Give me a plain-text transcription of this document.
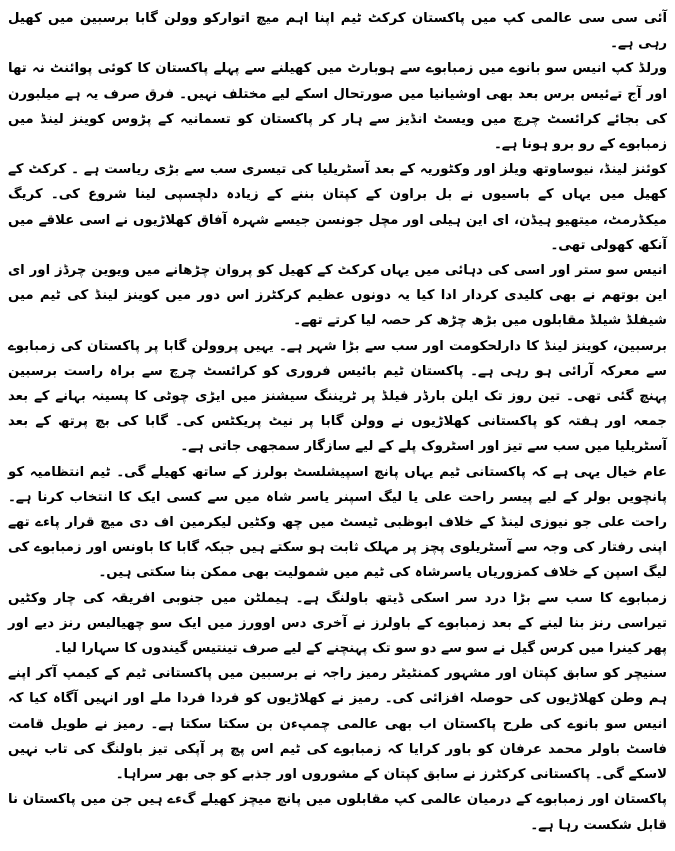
آئی سی سی عالمی کپ میں پاکستان کرکٹ ٹیم اپنا اہم میچ اتوارکو وولن گابا برسبین میں کھیل رہی ہے۔

ورلڈ کپ انیس سو بانوے میں زمبابوے سے ہوبارٹ میں کھیلنے سے پہلے پاکستان کا کوئی پوائنٹ نہ تھا اور آج تےئیس برس بعد بھی اوشیانیا میں صورتحال اسکے لیے مختلف نہیں۔ فرق صرف یہ ہے میلبورن کی بجائے کرائسٹ چرچ میں ویسٹ انڈیز سے ہار کر پاکستان کو تسمانیہ کے پڑوس کوینز لینڈ میں زمبابوے کے رو برو ہونا ہے۔

کوئنز لینڈ، نیوساوتھ ویلز اور وکٹوریہ کے بعد آسٹریلیا کی تیسری سب سے بڑی ریاست ہے ۔ کرکٹ کے کھیل میں یہاں کے باسیوں نے بل براون کے کپتان بننے کے زیادہ دلچسپی لینا شروع کی۔ کریگ میکڈرمٹ، میتھیو ہیڈن، ای این ہیلی اور مچل جونسن جیسے شہرہ آفاق کھلاڑیوں نے اسی علاقے میں آنکھ کھولی تھی۔

انیس سو ستر اور اسی کی دہائی میں یہاں کرکٹ کے کھیل کو پروان چڑھانے میں ویوین چرڈز اور ای این بوتھم نے بھی کلیدی کردار ادا کیا یہ دونوں عظیم کرکٹرز اس دور میں کوینز لینڈ کی ٹیم میں شیفلڈ شیلڈ مقابلوں میں بڑھ چڑھ کر حصہ لیا کرتے تھے۔

برسبین، کوینز لینڈ کا دارلحکومت اور سب سے بڑا شہر ہے۔ یہیں پروولن گابا پر پاکستان کی زمبابوے سے معرکہ آرائی ہو رہی ہے۔ پاکستان ٹیم بائیس فروری کو کرائسٹ چرچ سے براہ راست برسبین پہنچ گئی تھی۔ تین روز تک ایلن بارڈر فیلڈ پر ٹریننگ سیشنز میں ایڑی چوٹی کا پسینہ بہانے کے بعد جمعہ اور ہفتہ کو پاکستانی کھلاڑیوں نے وولن گابا پر نیٹ پریکٹس کی۔ گابا کی بچ پرتھ کے بعد آسٹریلیا میں سب سے تیز اور اسٹروک پلے کے لیے سازگار سمجھی جاتی ہے۔

عام خیال یہی ہے کہ پاکستانی ٹیم یہاں پانچ اسپیشلسٹ بولرز کے ساتھ کھیلے گی۔ ٹیم انتظامیہ کو پانچویں بولر کے لیے پیسر راحت علی یا لیگ اسپنر یاسر شاہ میں سے کسی ایک کا انتخاب کرنا ہے۔ راحت علی جو نیوزی لینڈ کے خلاف ابوظبی ٹیسٹ میں چھ وکٹیں لیکرمین اف دی میچ قرار پاءے تھے اپنی رفتار کی وجہ سے آسٹریلوی پچز پر مہلک ثابت ہو سکتے ہیں جبکہ گابا کا باونس اور زمبابوے کی لیگ اسپن کے خلاف کمزوریاں یاسرشاہ کی ٹیم میں شمولیت بھی ممکن بنا سکتی ہیں۔

زمبابوے کا سب سے بڑا درد سر اسکی ڈیتھ باولنگ ہے۔ ہیملٹن میں جنوبی افریقہ کی چار وکٹیں تیراسی رنز بنا لینے کے بعد زمبابوے کے باولرز نے آخری دس اوورز میں ایک سو چھیالیس رنز دیے اور پھر کینرا میں کرس گیل نے سو سے دو سو تک پہنچنے کے لیے صرف تینتیس گیندوں کا سہارا لیا۔

سنیچر کو سابق کپتان اور مشہور کمنٹیٹر رمیز راجہ نے برسبین میں پاکستانی ٹیم کے کیمپ آکر اپنے ہم وطن کھلاڑیوں کی حوصلہ افزائی کی۔ رمیز نے کھلاڑیوں کو فردا فردا ملے اور انہیں آگاہ کیا کہ انیس سو بانوے کی طرح پاکستان اب بھی عالمی چمپءن بن سکتا سکتا ہے۔ رمیز نے طویل قامت فاسٹ باولر محمد عرفان کو باور کرایا کہ زمبابوے کی ٹیم اس پچ پر آپکی تیز باولنگ کی تاب نہیں لاسکے گی۔ پاکستانی کرکٹرز نے سابق کپتان کے مشوروں اور جذبے کو جی بھر سراہا۔

پاکستان اور زمبابوے کے درمیان عالمی کپ مقابلوں میں پانچ میچز کھیلے گءے ہیں جن میں پاکستان نا قابل شکست رہا ہے۔
